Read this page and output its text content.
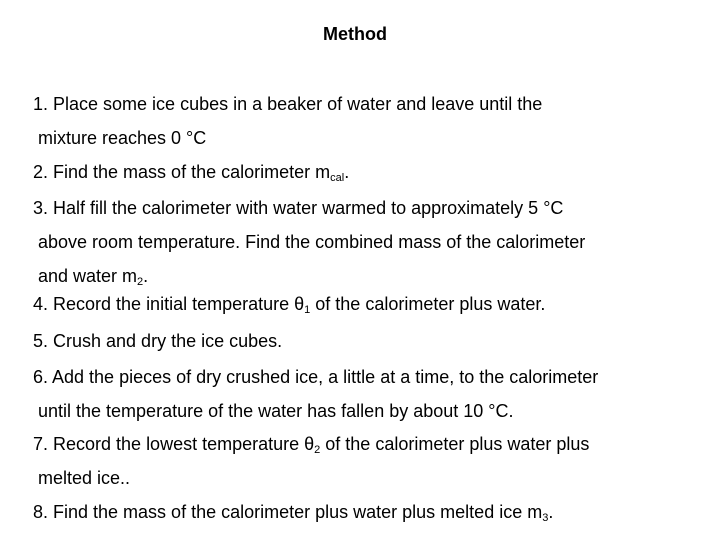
Method
1. Place some ice cubes in a beaker of water and leave until the
mixture reaches 0 °C
2. Find the mass of the calorimeter $m_{cal}$.
3. Half fill the calorimeter with water warmed to approximately 5 °C
above room temperature. Find the combined mass of the calorimeter
and water $m_2$.
4. Record the initial temperature $\theta_1$ of the calorimeter plus water.
5. Crush and dry the ice cubes.
6. Add the pieces of dry crushed ice, a little at a time, to the calorimeter
until the temperature of the water has fallen by about 10 °C.
7. Record the lowest temperature $\theta_2$ of the calorimeter plus water plus
melted ice..
8. Find the mass of the calorimeter plus water plus melted ice $m_3$.
